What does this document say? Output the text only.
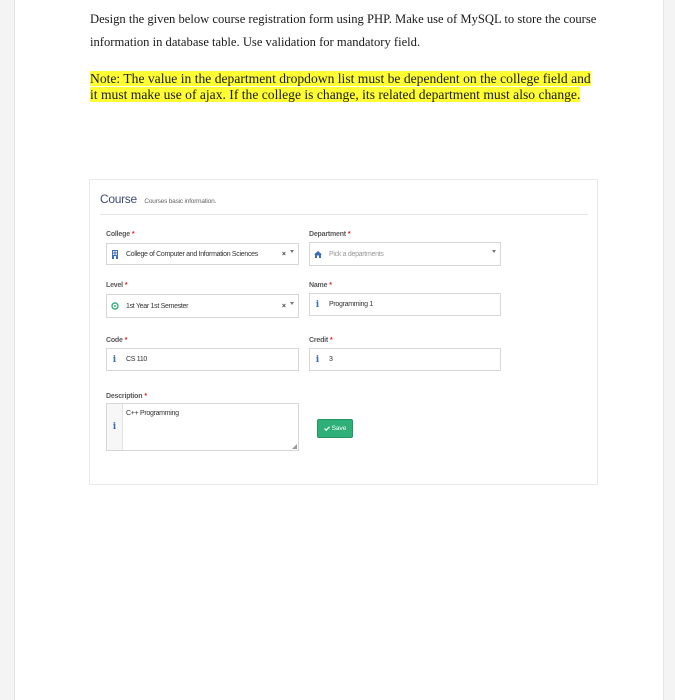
Design the given below course registration form using PHP. Make use of MySQL to store the course information in database table. Use validation for mandatory field.

Note: The value in the department dropdown list must be dependent on the college field and it must make use of ajax. If the college is change, its related department must also change.

Course Courses basic information.
College *
College of Computer and Information Sciences	×
Department *
Pick a departments
Level *
1st Year 1st Semester	×
Name *
i	Programming 1
Code *
i	CS 110
Credit *
i	3
Description *
i
C++ Programming
Save
